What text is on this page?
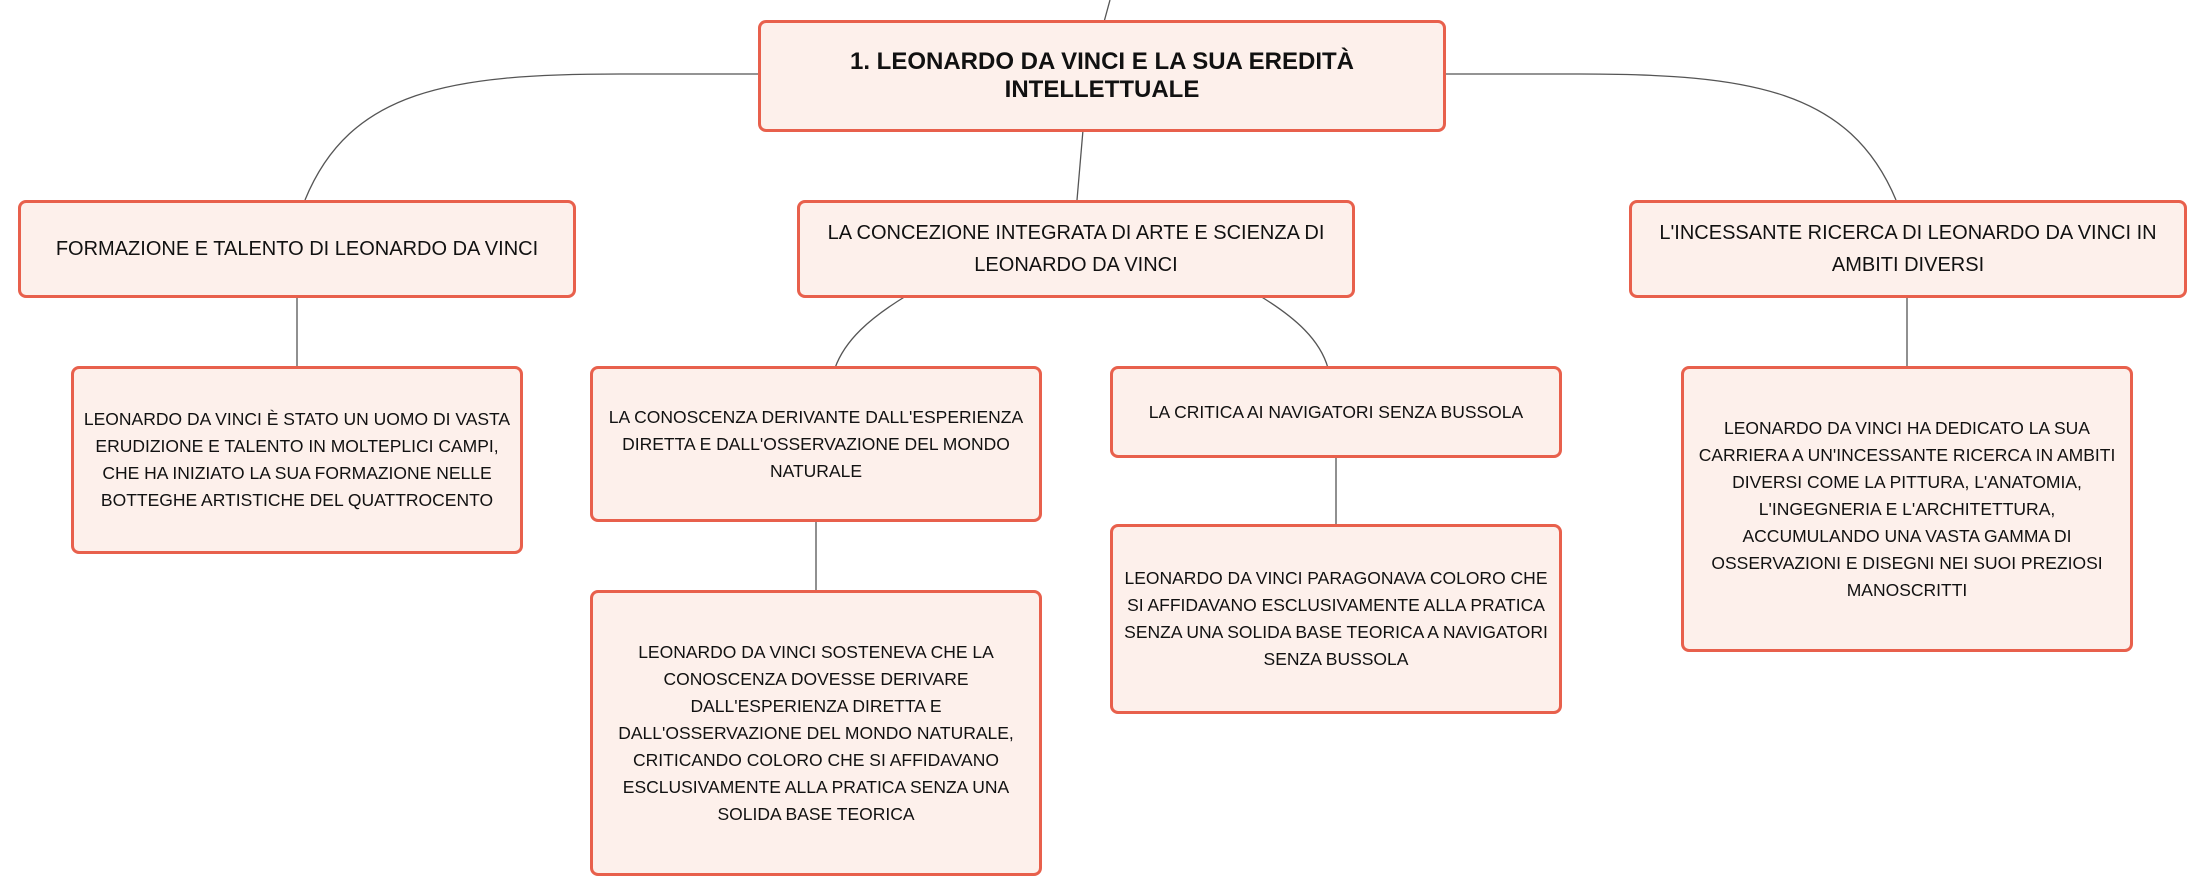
1. LEONARDO DA VINCI E LA SUA EREDITÀ INTELLETTUALE
FORMAZIONE E TALENTO DI LEONARDO DA VINCI
LA CONCEZIONE INTEGRATA DI ARTE E SCIENZA DI LEONARDO DA VINCI
L'INCESSANTE RICERCA DI LEONARDO DA VINCI IN AMBITI DIVERSI
LEONARDO DA VINCI È STATO UN UOMO DI VASTA ERUDIZIONE E TALENTO IN MOLTEPLICI CAMPI, CHE HA INIZIATO LA SUA FORMAZIONE NELLE BOTTEGHE ARTISTICHE DEL QUATTROCENTO
LA CONOSCENZA DERIVANTE DALL'ESPERIENZA DIRETTA E DALL'OSSERVAZIONE DEL MONDO NATURALE
LA CRITICA AI NAVIGATORI SENZA BUSSOLA
LEONARDO DA VINCI HA DEDICATO LA SUA CARRIERA A UN'INCESSANTE RICERCA IN AMBITI DIVERSI COME LA PITTURA, L'ANATOMIA, L'INGEGNERIA E L'ARCHITETTURA, ACCUMULANDO UNA VASTA GAMMA DI OSSERVAZIONI E DISEGNI NEI SUOI PREZIOSI MANOSCRITTI
LEONARDO DA VINCI SOSTENEVA CHE LA CONOSCENZA DOVESSE DERIVARE DALL'ESPERIENZA DIRETTA E DALL'OSSERVAZIONE DEL MONDO NATURALE, CRITICANDO COLORO CHE SI AFFIDAVANO ESCLUSIVAMENTE ALLA PRATICA SENZA UNA SOLIDA BASE TEORICA
LEONARDO DA VINCI PARAGONAVA COLORO CHE SI AFFIDAVANO ESCLUSIVAMENTE ALLA PRATICA SENZA UNA SOLIDA BASE TEORICA A NAVIGATORI SENZA BUSSOLA
